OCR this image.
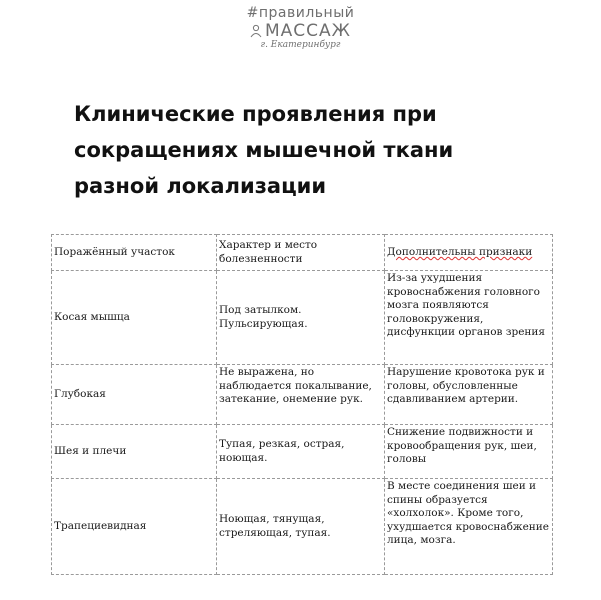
#правильный
МАССАЖ
г. Екатеринбург
Клинические проявления при сокращениях мышечной ткани разной локализации
Поражённый участок	Характер и место болезненности	Дополнительны признаки
Косая мышца	Под затылком. Пульсирующая.	Из-за ухудшения кровоснабжения головного мозга появляются головокружения, дисфункции органов зрения
Глубокая	Не выражена, но наблюдается покалывание, затекание, онемение рук.	Нарушение кровотока рук и головы, обусловленные сдавливанием артерии.
Шея и плечи	Тупая, резкая, острая, ноющая.	Снижение подвижности и кровообращения рук, шеи, головы
Трапециевидная	Ноющая, тянущая, стреляющая, тупая.	В месте соединения шеи и спины образуется «холхолок». Кроме того, ухудшается кровоснабжение лица, мозга.
